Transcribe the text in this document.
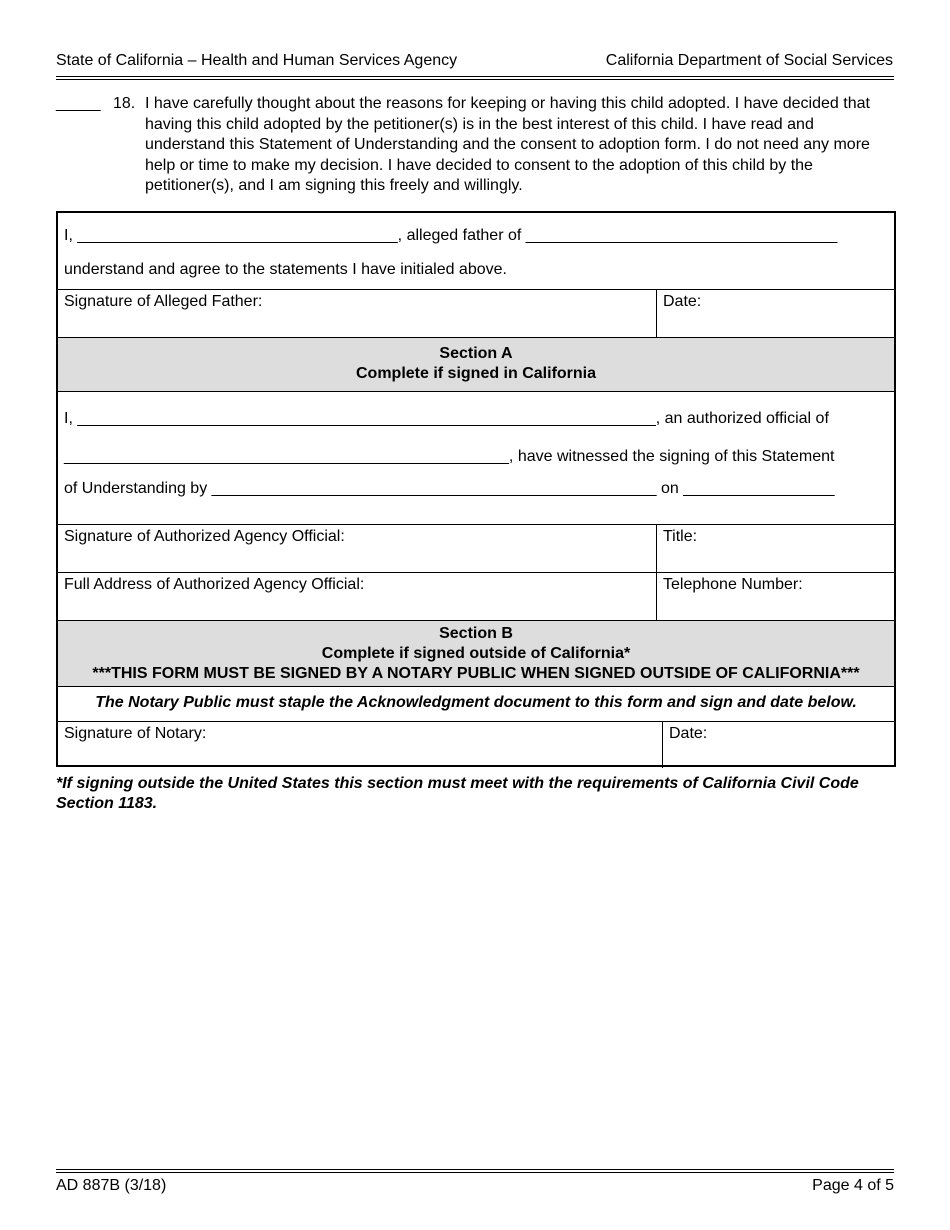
State of California – Health and Human Services Agency	California Department of Social Services
_____ 18. I have carefully thought about the reasons for keeping or having this child adopted. I have decided that having this child adopted by the petitioner(s) is in the best interest of this child. I have read and understand this Statement of Understanding and the consent to adoption form. I do not need any more help or time to make my decision. I have decided to consent to the adoption of this child by the petitioner(s), and I am signing this freely and willingly.
I, ____________________________________, alleged father of ___________________________________
understand and agree to the statements I have initialed above.
Signature of Alleged Father:	Date:
Section A
Complete if signed in California
I, _________________________________________________________________, an authorized official of
__________________________________________________, have witnessed the signing of this Statement
of Understanding by __________________________________________________ on _________________
Signature of Authorized Agency Official:	Title:
Full Address of Authorized Agency Official:	Telephone Number:
Section B
Complete if signed outside of California*
***THIS FORM MUST BE SIGNED BY A NOTARY PUBLIC WHEN SIGNED OUTSIDE OF CALIFORNIA***
The Notary Public must staple the Acknowledgment document to this form and sign and date below.
Signature of Notary:	Date:
*If signing outside the United States this section must meet with the requirements of California Civil Code Section 1183.
AD 887B (3/18)	Page 4 of 5
